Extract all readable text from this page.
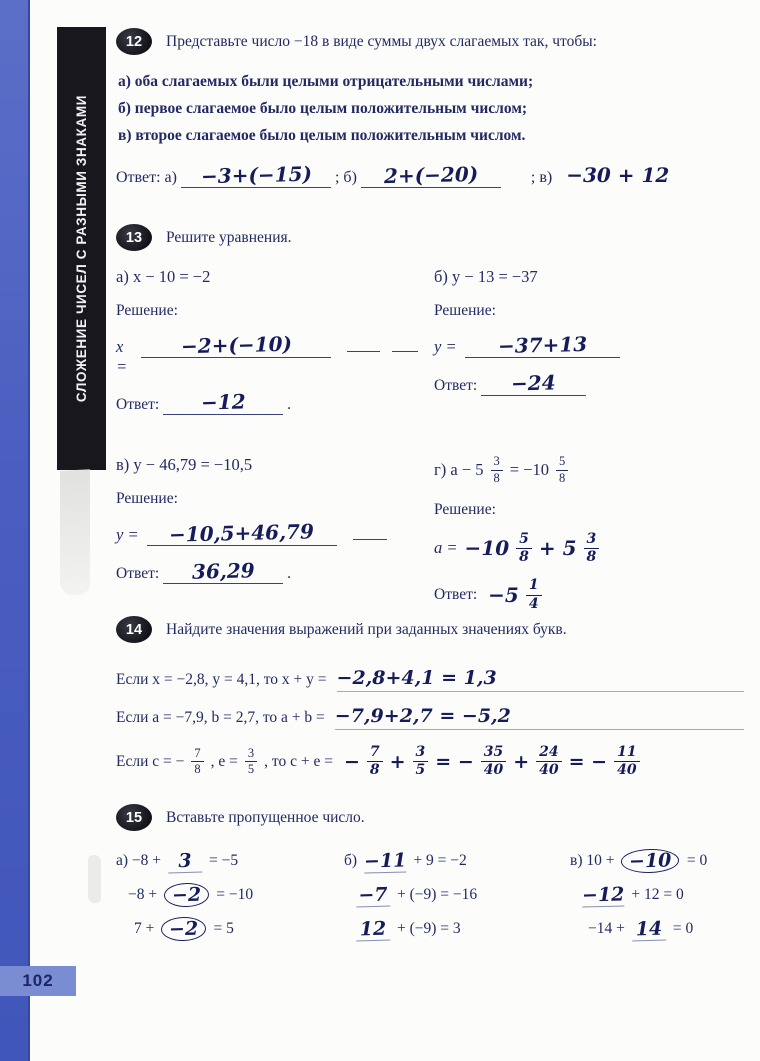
102
СЛОЖЕНИЕ ЧИСЕЛ С РАЗНЫМИ ЗНАКАМИ
12	Представьте число −18 в виде суммы двух слагаемых так, чтобы:

а) оба слагаемых были целыми отрицательными числами;

б) первое слагаемое было целым положительным числом;

в) второе слагаемое было целым положительным числом.

Ответ: а)	−3+(−15)	; б)	2+(−20)	; в) −30 + 12
13	Решите уравнения.
а) x − 10 = −2
Решение:
x =
−2+(−10)
Ответ:	−12	.
б) y − 13 = −37
Решение:
y =	−37+13
Ответ:	−24
в) y − 46,79 = −10,5
Решение:
y =	−10,5+46,79
Ответ:	36,29	.
г) $a - 5 \frac{3}{8} = -10 \frac{5}{8}$
Решение:
$a = -10 \frac{5}{8} + 5 \frac{3}{8}$
Ответ: $-5 \frac{1}{4}$
14	Найдите значения выражений при заданных значениях букв.
Если x = −2,8, y = 4,1, то x + y = −2,8+4,1 = 1,3
Если a = −7,9, b = 2,7, то a + b = −7,9+2,7 = −5,2
Если c = − $\frac{7}{8}$ , $e = \frac{3}{5}$ , то c + e = − $\frac{7}{8} + \frac{3}{5}$ = − $\frac{35}{40} + \frac{24}{40}$ = − $\frac{11}{40}$
15	Вставьте пропущенное число.
а) −8 + 3	= −5
−8 + −2 = −10
7 + −2 = 5
б) −11 + 9 = −2
−7 + (−9) = −16
12 + (−9) = 3
в) 10 + −10 = 0
−12 + 12 = 0
−14 + 14 = 0
